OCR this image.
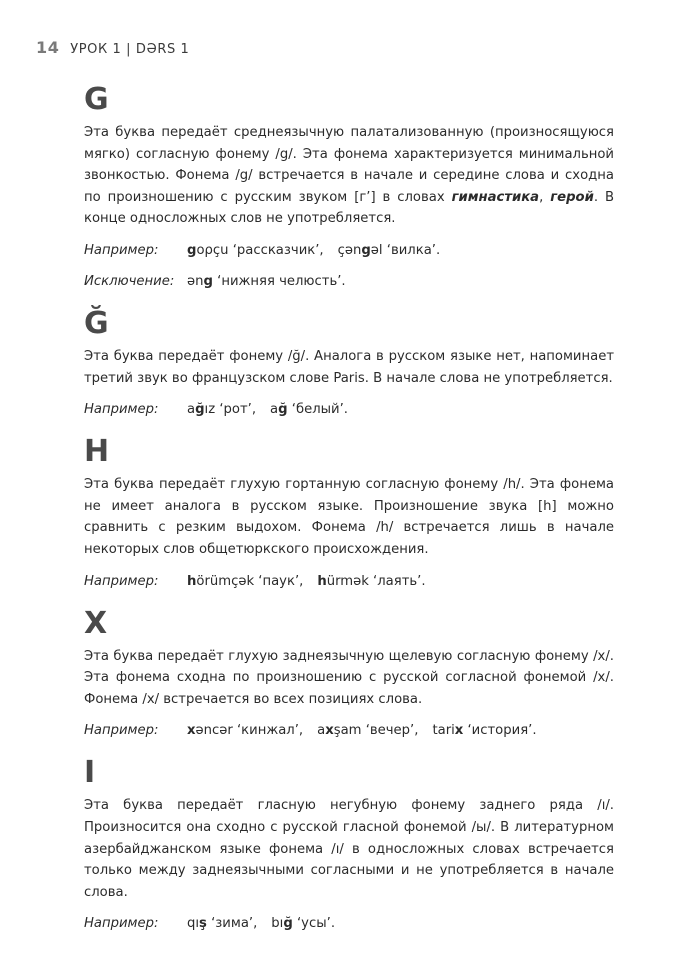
14 УРОК 1 | DƏRS 1
G

Эта буква передаёт среднеязычную палатализованную (произносящуюся мягко) согласную фонему /g/. Эта фонема характеризуется минимальной звонкостью. Фонема /g/ встречается в начале и середине слова и сходна по произношению с русским звуком [г’] в словах гимнастика, герой. В конце односложных слов не употребляется.

Например: gορçu ‘рассказчик’, çəngəl ‘вилка’.
Исключение: əng ‘нижняя челюсть’.
Ğ

Эта буква передаёт фонему /ğ/. Аналога в русском языке нет, напоминает третий звук во французском слове Paris. В начале слова не употребляется.

Например: ağız ‘рот’, ağ ‘белый’.
H

Эта буква передаёт глухую гортанную согласную фонему /h/. Эта фонема не имеет аналога в русском языке. Произношение звука [h] можно сравнить с резким выдохом. Фонема /h/ встречается лишь в начале некоторых слов общетюркского происхождения.

Например: hörümçək ‘паук’, hürmək ‘лаять’.
X

Эта буква передаёт глухую заднеязычную щелевую согласную фонему /x/. Эта фонема сходна по произношению с русской согласной фонемой /х/. Фонема /x/ встречается во всех позициях слова.

Например: xəncər ‘кинжал’, axşam ‘вечер’, tarix ‘история’.
I

Эта буква передаёт гласную негубную фонему заднего ряда /ı/. Произносится она сходно с русской гласной фонемой /ы/. В литературном азербайджанском языке фонема /ı/ в односложных словах встречается только между заднеязычными согласными и не употребляется в начале слова.

Например: qış ‘зима’, bığ ‘усы’.
